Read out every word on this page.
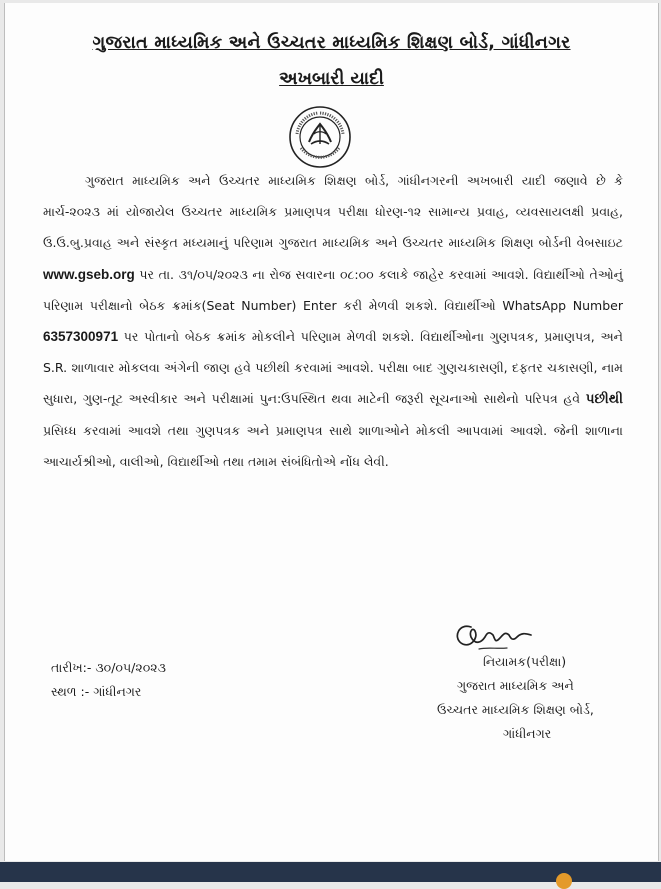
ગુજરાત માધ્યમિક અને ઉચ્ચતર માધ્યમિક શિક્ષણ બોર્ડ, ગાંધીનગર
અખબારી યાદી

ગુજરાત માધ્યમિક અને ઉચ્ચતર માધ્યમિક શિક્ષણ બોર્ડ, ગાંધીનગરની અખબારી યાદી જણાવે છે કે માર્ચ-૨૦૨૩ માં યોજાયેલ ઉચ્ચતર માધ્યમિક પ્રમાણપત્ર પરીક્ષા ધોરણ-૧૨ સામાન્ય પ્રવાહ, વ્યવસાયલક્ષી પ્રવાહ, ઉ.ઉ.બુ.પ્રવાહ અને સંસ્કૃત મધ્યમાનું પરિણામ ગુજરાત માધ્યમિક અને ઉચ્ચતર માધ્યમિક શિક્ષણ બોર્ડની વેબસાઇટ www.gseb.org પર તા. ૩૧/૦૫/૨૦૨૩ ના રોજ સવારના ૦૮:૦૦ કલાકે જાહેર કરવામાં આવશે. વિદ્યાર્થીઓ તેઓનું પરિણામ પરીક્ષાનો બેઠક ક્રમાંક(Seat Number) Enter કરી મેળવી શકશે. વિદ્યાર્થીઓ WhatsApp Number 6357300971 પર પોતાનો બેઠક ક્રમાંક મોકલીને પરિણામ મેળવી શકશે. વિદ્યાર્થીઓના ગુણપત્રક, પ્રમાણપત્ર, અને S.R. શાળાવાર મોકલવા અંગેની જાણ હવે પછીથી કરવામાં આવશે. પરીક્ષા બાદ ગુણચકાસણી, દફતર ચકાસણી, નામ સુધારા, ગુણ-તૂટ અસ્વીકાર અને પરીક્ષામાં પુન:ઉપસ્થિત થવા માટેની જરૂરી સૂચનાઓ સાથેનો પરિપત્ર હવે પછીથી પ્રસિધ્ધ કરવામાં આવશે તથા ગુણપત્રક અને પ્રમાણપત્ર સાથે શાળાઓને મોકલી આપવામાં આવશે. જેની શાળાના આચાર્યશ્રીઓ, વાલીઓ, વિદ્યાર્થીઓ તથા તમામ સંબંધિતોએ નોંધ લેવી.

તારીખ:- ૩૦/૦૫/૨૦૨૩
સ્થળ :- ગાંધીનગર
નિયામક(પરીક્ષા)
ગુજરાત માધ્યમિક અને
ઉચ્ચતર માધ્યમિક શિક્ષણ બોર્ડ,
ગાંધીનગર
